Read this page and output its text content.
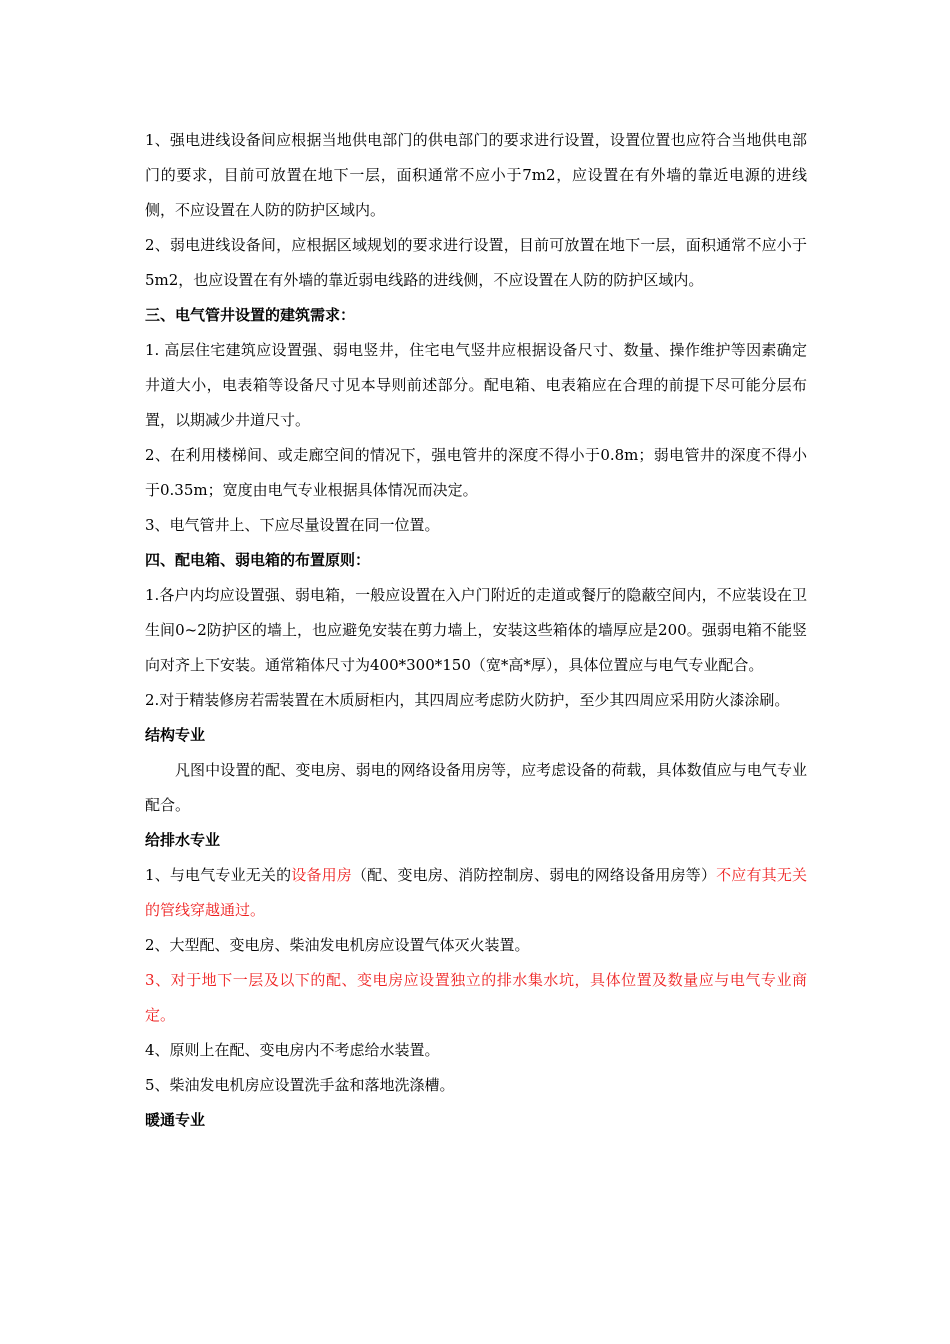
1、强电进线设备间应根据当地供电部门的供电部门的要求进行设置，设置位置也应符合当地供电部门的要求，目前可放置在地下一层，面积通常不应小于7m2，应设置在有外墙的靠近电源的进线侧，不应设置在人防的防护区域内。

2、弱电进线设备间，应根据区域规划的要求进行设置，目前可放置在地下一层，面积通常不应小于5m2，也应设置在有外墙的靠近弱电线路的进线侧，不应设置在人防的防护区域内。

三、电气管井设置的建筑需求：

1. 高层住宅建筑应设置强、弱电竖井，住宅电气竖井应根据设备尺寸、数量、操作维护等因素确定井道大小，电表箱等设备尺寸见本导则前述部分。配电箱、电表箱应在合理的前提下尽可能分层布置，以期减少井道尺寸。

2、在利用楼梯间、或走廊空间的情况下，强电管井的深度不得小于0.8m；弱电管井的深度不得小于0.35m；宽度由电气专业根据具体情况而决定。

3、电气管井上、下应尽量设置在同一位置。

四、配电箱、弱电箱的布置原则：

1.各户内均应设置强、弱电箱，一般应设置在入户门附近的走道或餐厅的隐蔽空间内，不应装设在卫生间0~2防护区的墙上，也应避免安装在剪力墙上，安装这些箱体的墙厚应是200。强弱电箱不能竖向对齐上下安装。通常箱体尺寸为400*300*150（宽*高*厚），具体位置应与电气专业配合。

2.对于精装修房若需装置在木质厨柜内，其四周应考虑防火防护，至少其四周应采用防火漆涂刷。

结构专业

凡图中设置的配、变电房、弱电的网络设备用房等，应考虑设备的荷载，具体数值应与电气专业配合。

给排水专业

1、与电气专业无关的设备用房（配、变电房、消防控制房、弱电的网络设备用房等）不应有其无关的管线穿越通过。

2、大型配、变电房、柴油发电机房应设置气体灭火装置。

3、对于地下一层及以下的配、变电房应设置独立的排水集水坑，具体位置及数量应与电气专业商定。

4、原则上在配、变电房内不考虑给水装置。

5、柴油发电机房应设置洗手盆和落地洗涤槽。

暖通专业
